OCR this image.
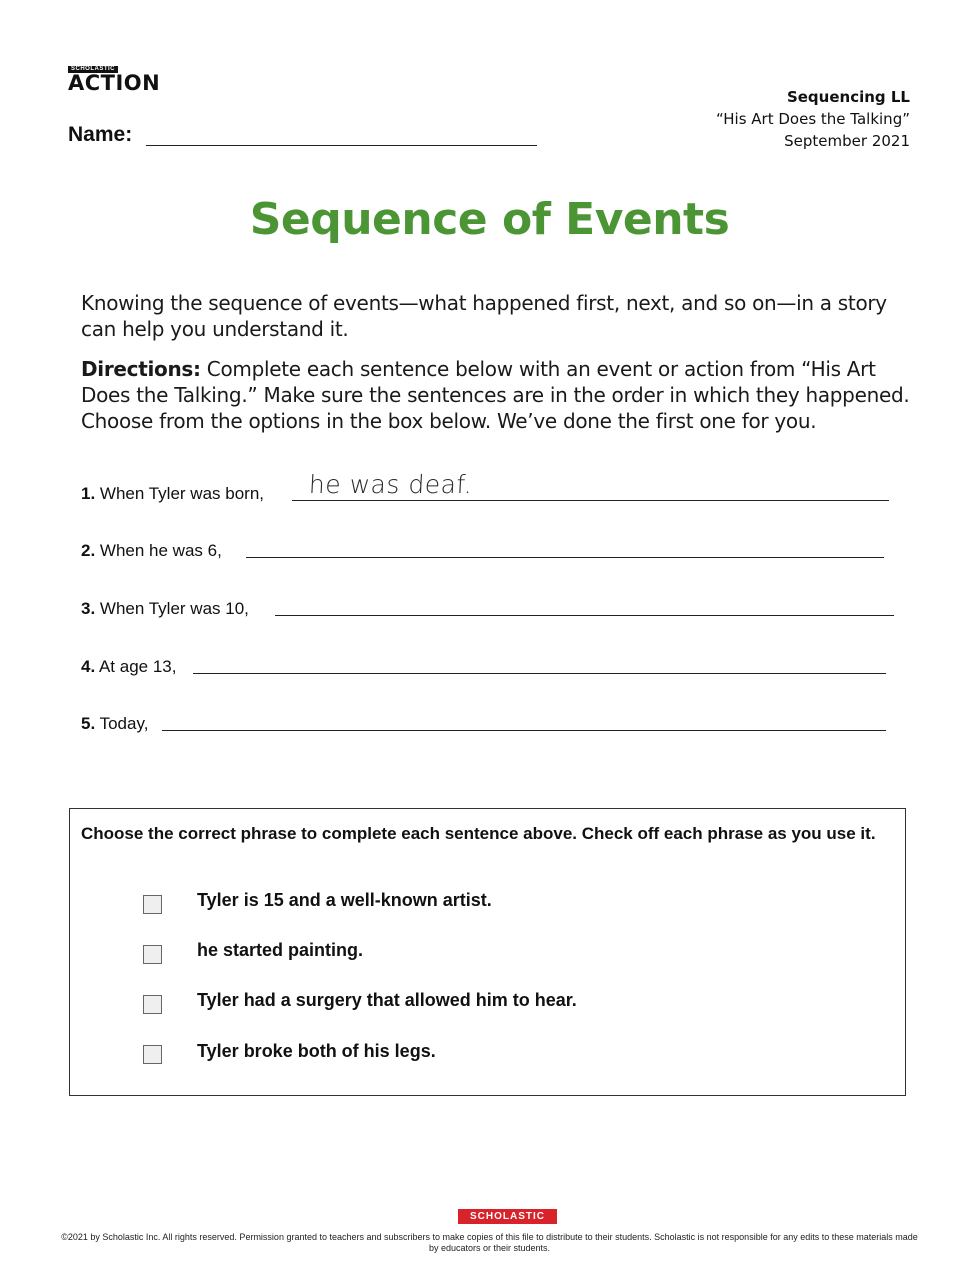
SCHOLASTIC
ACTION
Sequencing LL
“His Art Does the Talking”
September 2021
Name:
Sequence of Events
Knowing the sequence of events—what happened first, next, and so on—in a story can help you understand it.
Directions: Complete each sentence below with an event or action from “His Art Does the Talking.” Make sure the sentences are in the order in which they happened. Choose from the options in the box below. We’ve done the first one for you.
1. When Tyler was born, he was deaf.
2. When he was 6,
3. When Tyler was 10,
4. At age 13,
5. Today,
Choose the correct phrase to complete each sentence above. Check off each phrase as you use it.
Tyler is 15 and a well-known artist.
he started painting.
Tyler had a surgery that allowed him to hear.
Tyler broke both of his legs.
SCHOLASTIC
©2021 by Scholastic Inc. All rights reserved. Permission granted to teachers and subscribers to make copies of this file to distribute to their students. Scholastic is not responsible for any edits to these materials made by educators or their students.
